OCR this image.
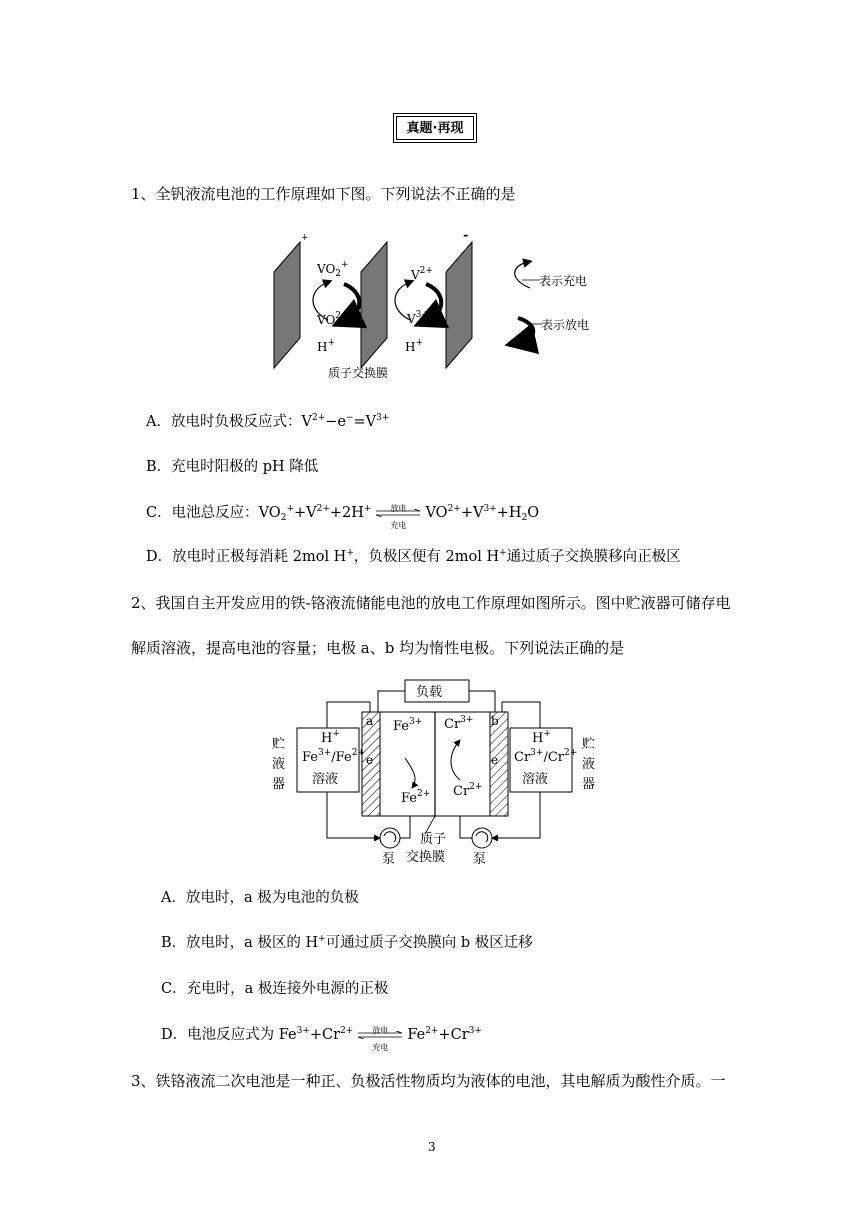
真题·再现
1、全钒液流电池的工作原理如下图。下列说法不正确的是
+	-
$VO_2^+$
$VO^{2+}$
$V^{2+}$
$V^{3+}$
H+	H+
质子交换膜
表示充电
表示放电
A．放电时负极反应式：$V^{2+}-e^-=V^{3+}$
B．充电时阳极的 pH 降低
C．电池总反应：$VO_2^++V^{2+}+2H^+$	放电
充电
$VO^{2+}+V^{3+}+H_2O$
D．放电时正极每消耗 2mol H+，负极区便有 2mol H+通过质子交换膜移向正极区
2、我国自主开发应用的铁-铬液流储能电池的放电工作原理如图所示。图中贮液器可储存电
解质溶液，提高电池的容量；电极 a、b 均为惰性电极。下列说法正确的是
负载
贮液器
贮液器
H+
$Fe^{3+}/Fe^{2+}$
溶液
H+
$Cr^{3+}/Cr^{2+}$
溶液
a	b
e	e
$Fe^{3+}$
$Fe^{2+}$
$Cr^{3+}$
$Cr^{2+}$
质子
交换膜
泵	泵
A．放电时，a 极为电池的负极
B．放电时，a 极区的 H+可通过质子交换膜向 b 极区迁移
C．充电时，a 极连接外电源的正极
D．电池反应式为 $Fe^{3+}+Cr^{2+}$	放电
充电
$Fe^{2+}+Cr^{3+}$
3、铁铬液流二次电池是一种正、负极活性物质均为液体的电池，其电解质为酸性介质。一
3
